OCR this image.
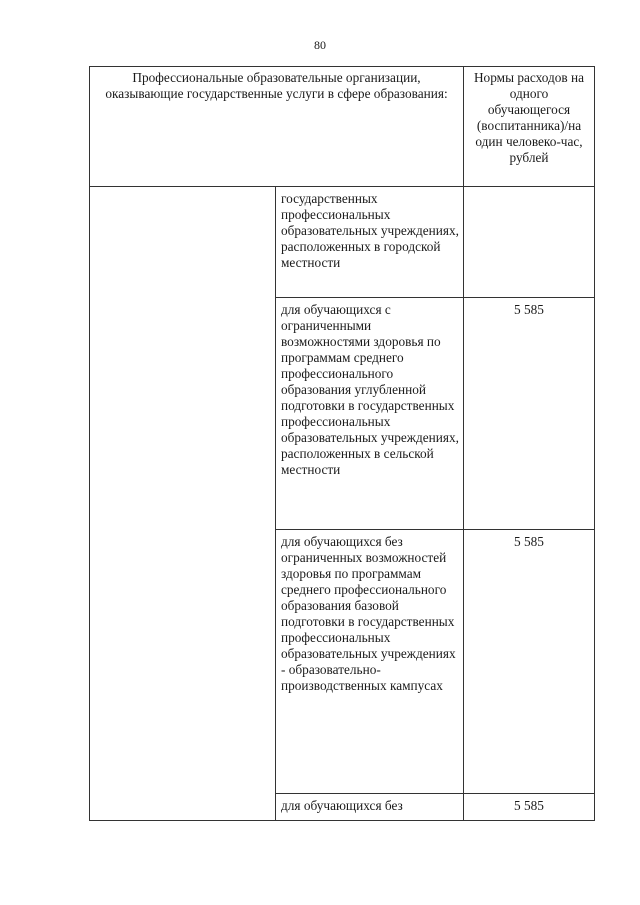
80
Профессиональные образовательные организации, оказывающие государственные услуги в сфере образования:		Нормы расходов на одного обучающегося (воспитанника)/на один человеко-час, рублей
	государственных профессиональных образовательных учреждениях, расположенных в городской местности	
	для обучающихся с ограниченными возможностями здоровья по программам среднего профессионального образования углубленной подготовки в государственных профессиональных образовательных учреждениях, расположенных в сельской местности	5 585
	для обучающихся без ограниченных возможностей здоровья по программам среднего профессионального образования базовой подготовки в государственных профессиональных образовательных учреждениях - образовательно-производственных кампусах	5 585
	для обучающихся без	5 585
